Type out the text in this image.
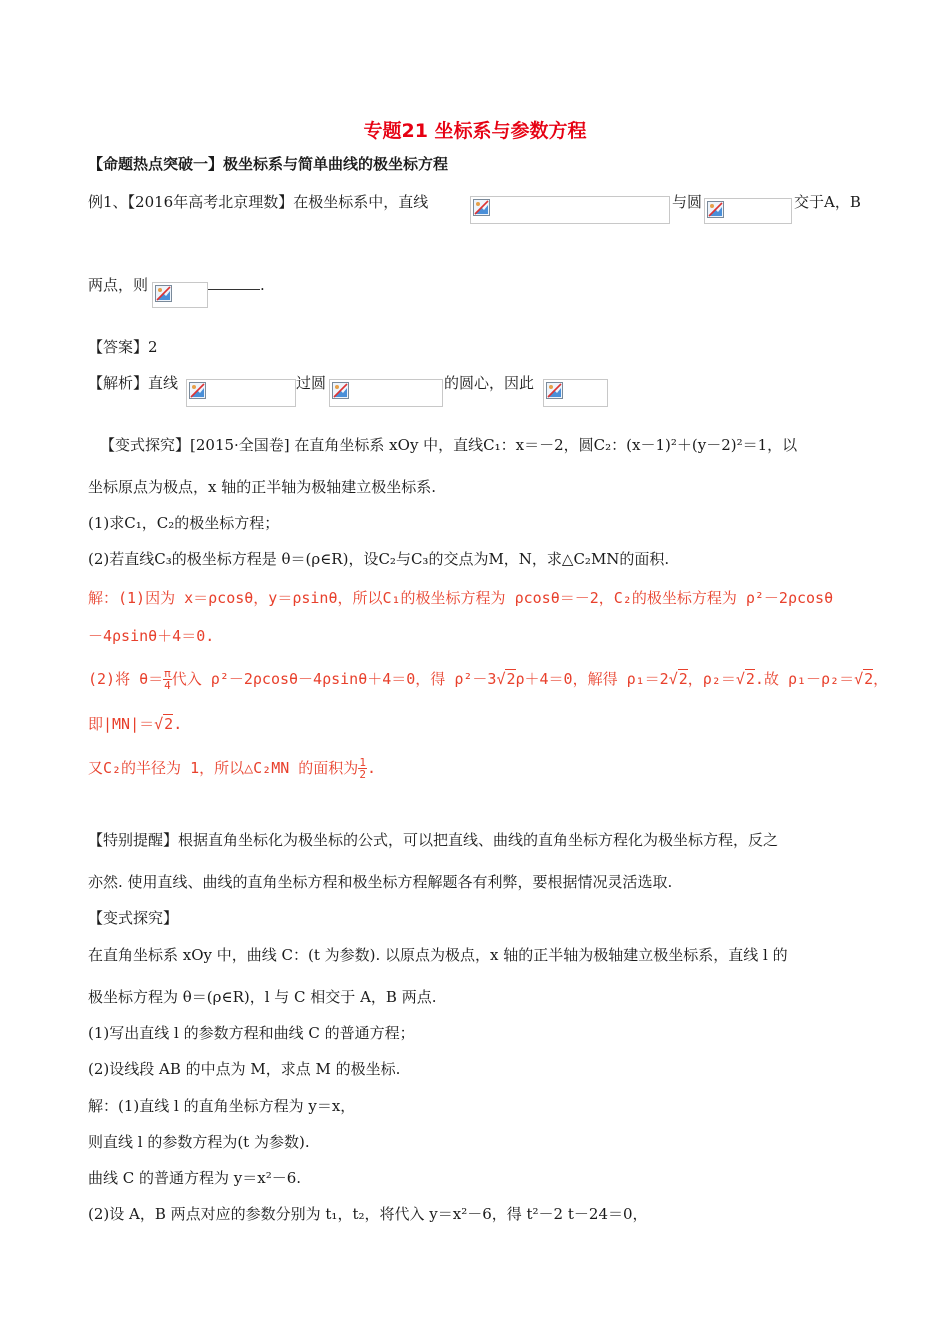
专题21 坐标系与参数方程
【命题热点突破一】极坐标系与简单曲线的极坐标方程
例1、【2016年高考北京理数】在极坐标系中，直线	与圆	交于A，B
两点，则	.
【答案】2
【解析】直线	过圆	的圆心，因此
【变式探究】[2015·全国卷] 在直角坐标系 xOy 中，直线C₁：x＝－2，圆C₂：(x－1)²＋(y－2)²＝1，以
坐标原点为极点，x 轴的正半轴为极轴建立极坐标系.
(1)求C₁，C₂的极坐标方程；
(2)若直线C₃的极坐标方程是 θ＝(ρ∈R)，设C₂与C₃的交点为M，N，求△C₂MN的面积.
解：(1)因为 x＝ρcosθ，y＝ρsinθ，所以C₁的极坐标方程为 ρcosθ＝－2，C₂的极坐标方程为 ρ²－2ρcosθ
－4ρsinθ＋4＝0.
(2)将 $\theta= \frac{\pi}{4}$ 代入 ρ²－2ρcosθ－4ρsinθ＋4＝0，得 ρ²－3√2ρ＋4＝0，解得 ρ₁＝2√2，ρ₂＝√2.故 ρ₁－ρ₂＝√2，
即|MN|＝√2.
又C₂的半径为 1，所以△C₂MN 的面积为 $\frac{1}{2}$ .
【特别提醒】根据直角坐标化为极坐标的公式，可以把直线、曲线的直角坐标方程化为极坐标方程，反之
亦然. 使用直线、曲线的直角坐标方程和极坐标方程解题各有利弊，要根据情况灵活选取.
【变式探究】
在直角坐标系 xOy 中，曲线 C：(t 为参数). 以原点为极点，x 轴的正半轴为极轴建立极坐标系，直线 l 的
极坐标方程为 θ＝(ρ∈R)，l 与 C 相交于 A，B 两点.
(1)写出直线 l 的参数方程和曲线 C 的普通方程；
(2)设线段 AB 的中点为 M，求点 M 的极坐标.
解：(1)直线 l 的直角坐标方程为 y＝x，
则直线 l 的参数方程为(t 为参数).
曲线 C 的普通方程为 y＝x²－6.
(2)设 A，B 两点对应的参数分别为 t₁，t₂，将代入 y＝x²－6，得 t²－2 t－24＝0，
